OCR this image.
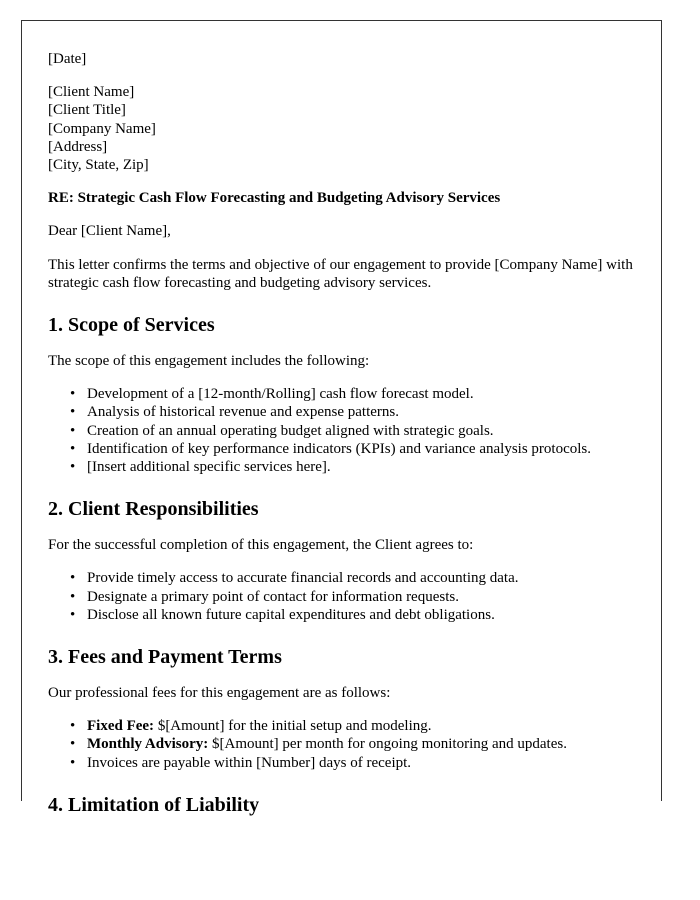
[Date]
[Client Name]
[Client Title]
[Company Name]
[Address]
[City, State, Zip]
RE: Strategic Cash Flow Forecasting and Budgeting Advisory Services
Dear [Client Name],
This letter confirms the terms and objective of our engagement to provide [Company Name] with strategic cash flow forecasting and budgeting advisory services.
1. Scope of Services
The scope of this engagement includes the following:
• Development of a [12-month/Rolling] cash flow forecast model.
• Analysis of historical revenue and expense patterns.
• Creation of an annual operating budget aligned with strategic goals.
• Identification of key performance indicators (KPIs) and variance analysis protocols.
• [Insert additional specific services here].
2. Client Responsibilities
For the successful completion of this engagement, the Client agrees to:
• Provide timely access to accurate financial records and accounting data.
• Designate a primary point of contact for information requests.
• Disclose all known future capital expenditures and debt obligations.
3. Fees and Payment Terms
Our professional fees for this engagement are as follows:
• Fixed Fee: $[Amount] for the initial setup and modeling.
• Monthly Advisory: $[Amount] per month for ongoing monitoring and updates.
• Invoices are payable within [Number] days of receipt.
4. Limitation of Liability
